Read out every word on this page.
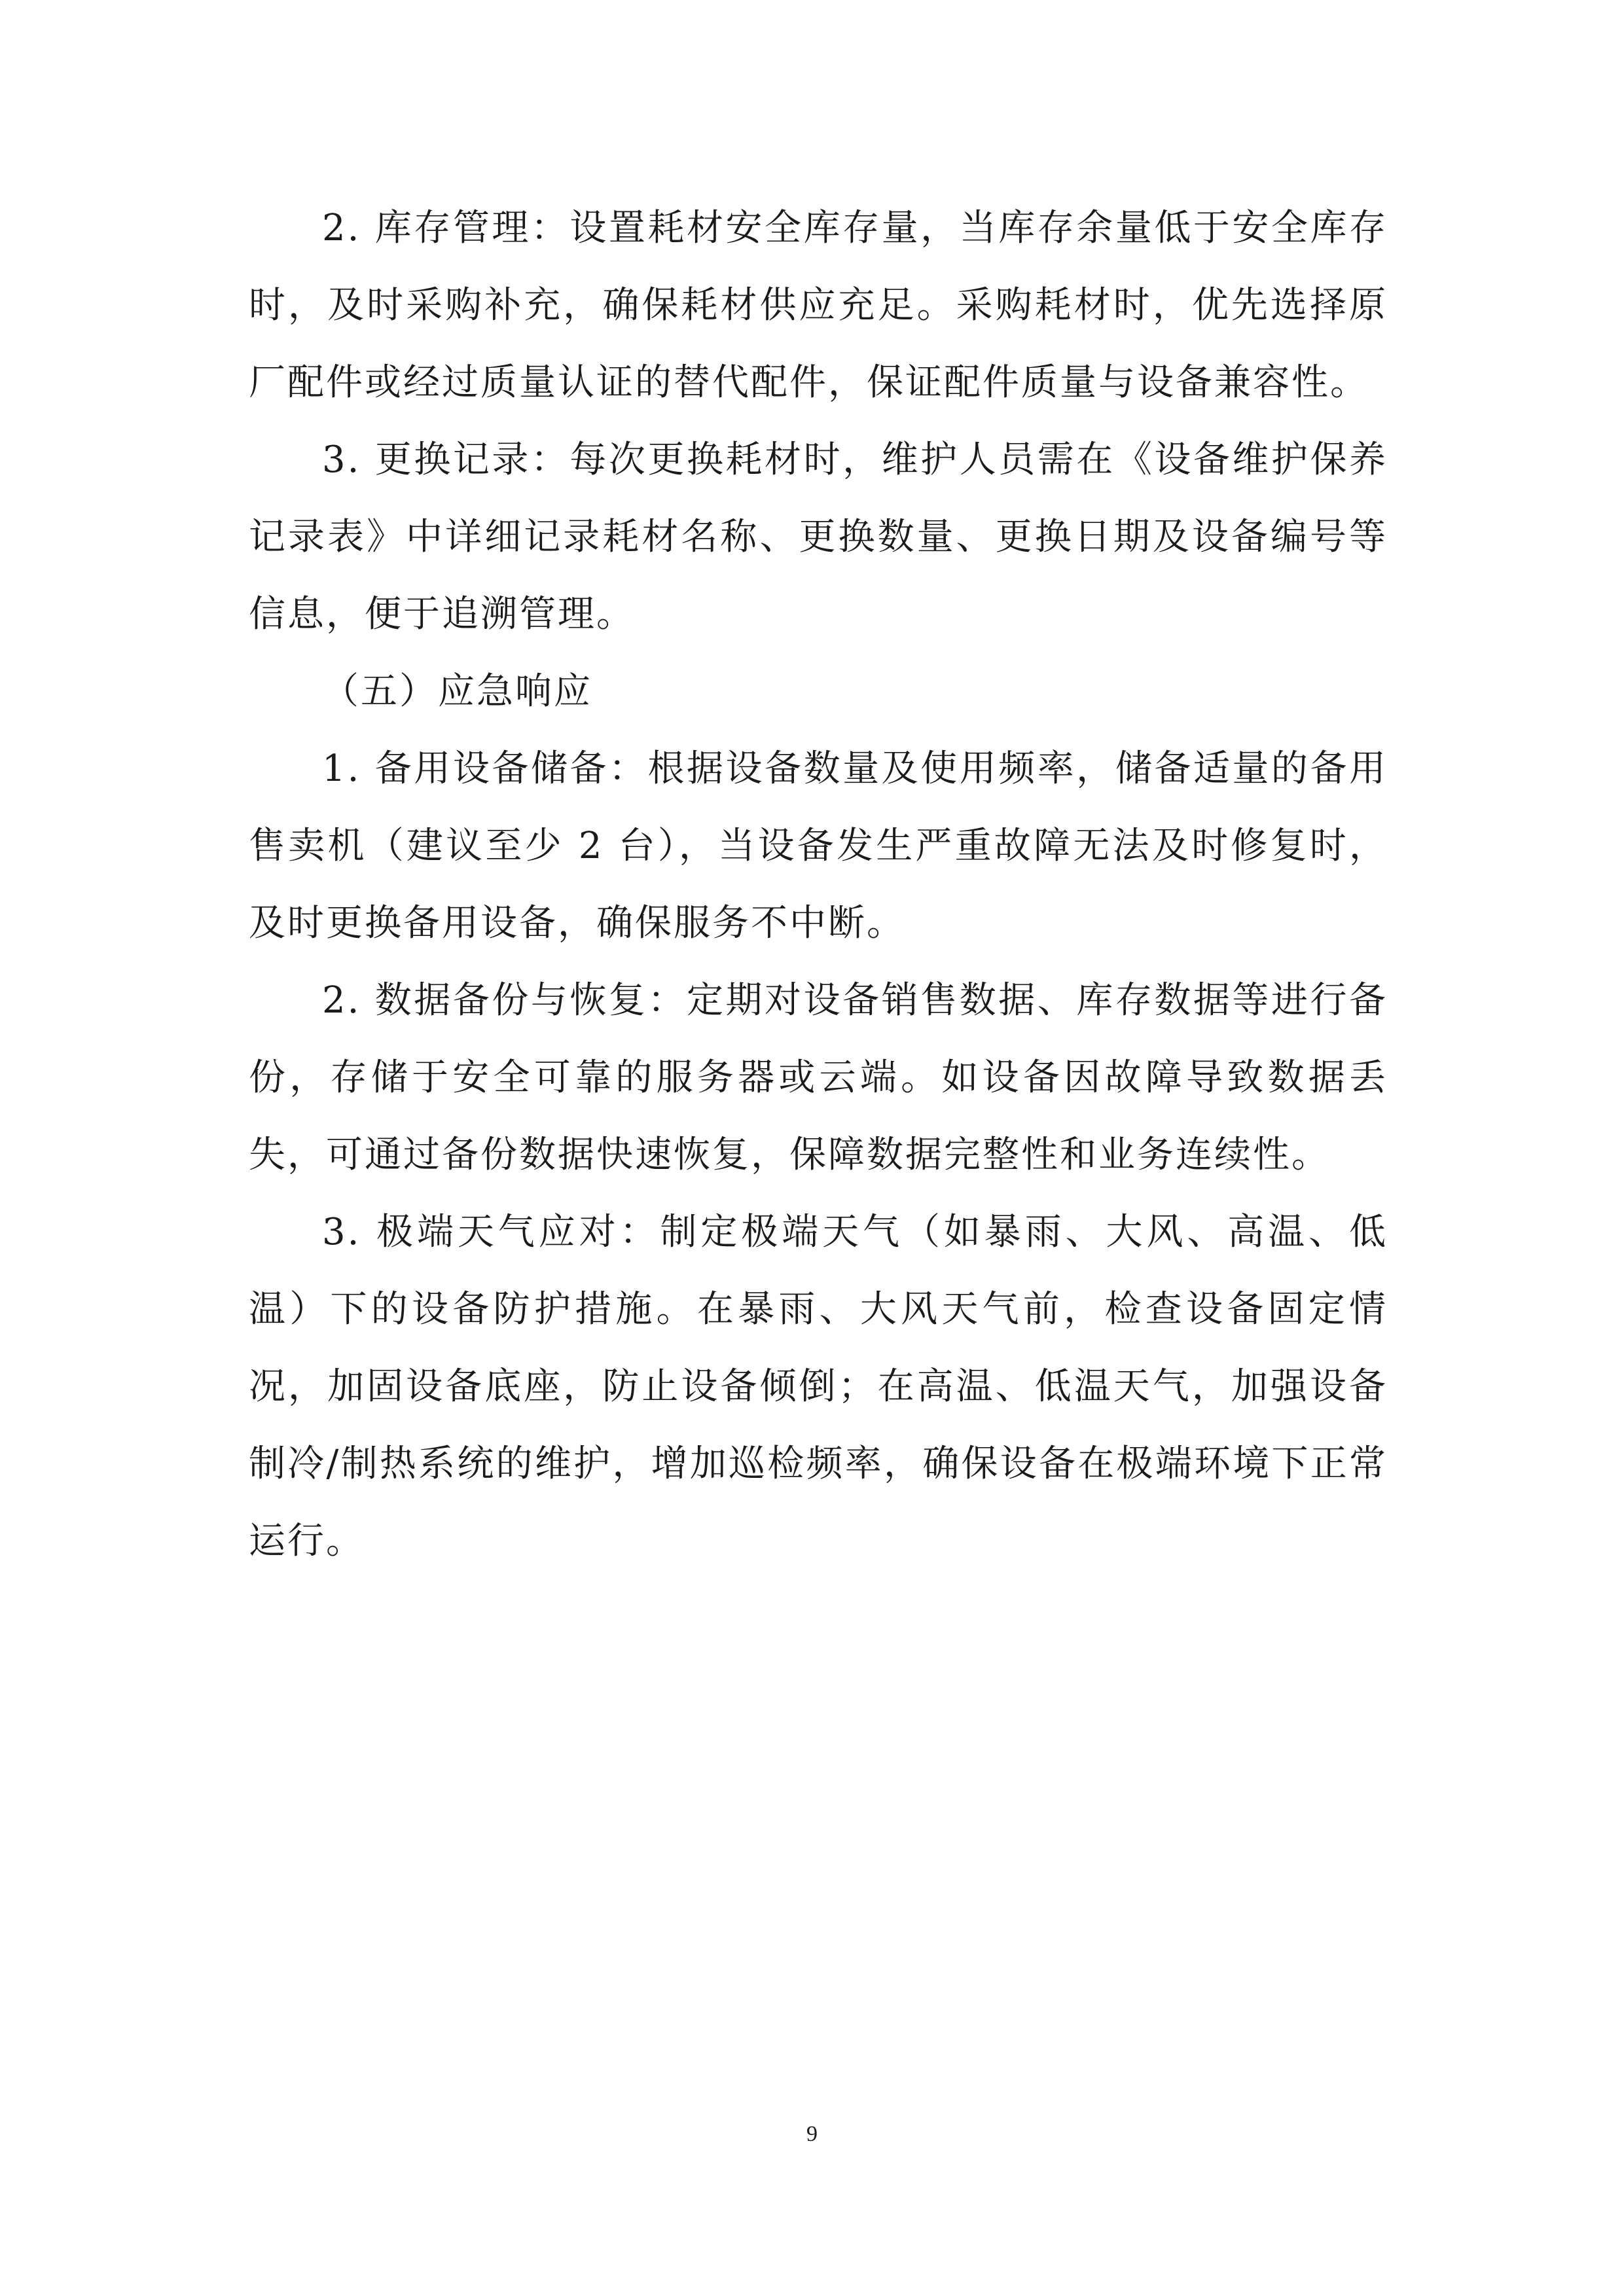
2. 库存管理：设置耗材安全库存量，当库存余量低于安全库存时，及时采购补充，确保耗材供应充足。采购耗材时，优先选择原厂配件或经过质量认证的替代配件，保证配件质量与设备兼容性。

3. 更换记录：每次更换耗材时，维护人员需在《设备维护保养记录表》中详细记录耗材名称、更换数量、更换日期及设备编号等信息，便于追溯管理。

（五）应急响应

1. 备用设备储备：根据设备数量及使用频率，储备适量的备用售卖机（建议至少 2 台），当设备发生严重故障无法及时修复时，及时更换备用设备，确保服务不中断。

2. 数据备份与恢复：定期对设备销售数据、库存数据等进行备份，存储于安全可靠的服务器或云端。如设备因故障导致数据丢失，可通过备份数据快速恢复，保障数据完整性和业务连续性。

3. 极端天气应对：制定极端天气（如暴雨、大风、高温、低温）下的设备防护措施。在暴雨、大风天气前，检查设备固定情况，加固设备底座，防止设备倾倒；在高温、低温天气，加强设备制冷/制热系统的维护，增加巡检频率，确保设备在极端环境下正常运行。

9
